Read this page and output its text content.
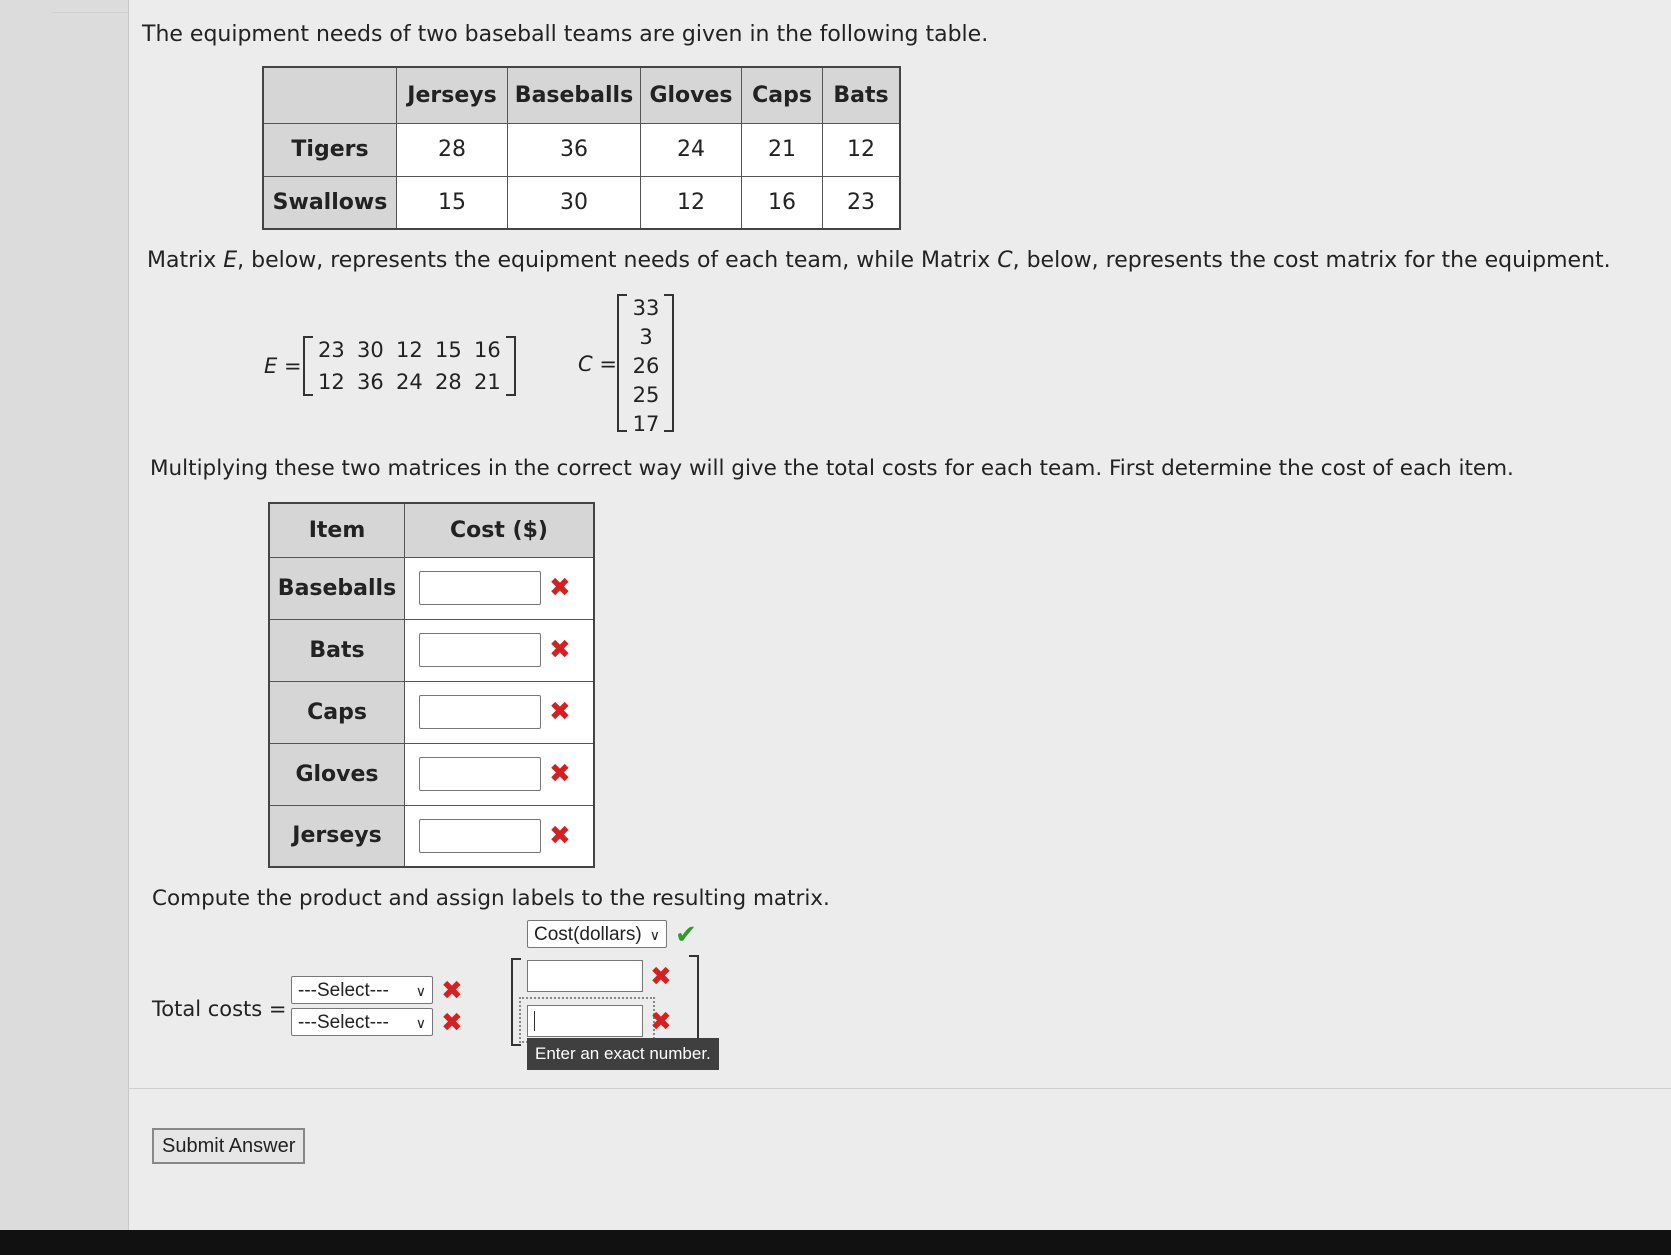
The equipment needs of two baseball teams are given in the following table.
	Jerseys	Baseballs	Gloves	Caps	Bats
Tigers	28	36	24	21	12
Swallows	15	30	12	16	23
Matrix E, below, represents the equipment needs of each team, while Matrix C, below, represents the cost matrix for the equipment.
E =
23 30 12 15 16
12 36 24 28 21
C =
33
3
26
25
17
Multiplying these two matrices in the correct way will give the total costs for each team. First determine the cost of each item.
Item	Cost ($)
Baseballs	✖
Bats	✖
Caps	✖
Gloves	✖
Jerseys	✖
Compute the product and assign labels to the resulting matrix.
Cost(dollars) ∨ ✔
Total costs =
---Select--- ∨ ✖
---Select--- ∨ ✖
✖
✖
Enter an exact number.
Submit Answer
